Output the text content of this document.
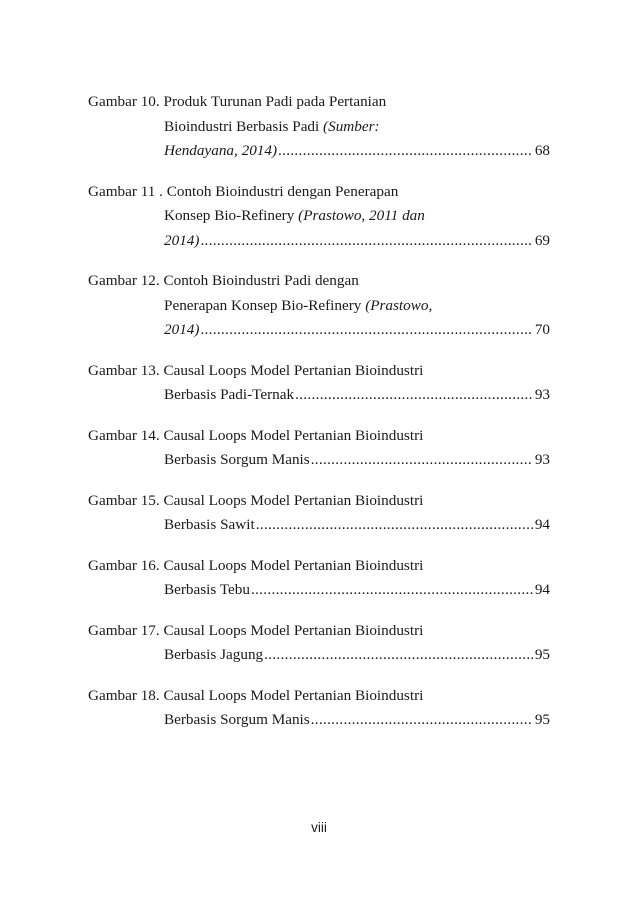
Gambar 10. Produk Turunan Padi pada Pertanian
Bioindustri Berbasis Padi (Sumber:
Hendayana, 2014) .....	68
Gambar 11 . Contoh Bioindustri dengan Penerapan
Konsep Bio-Refinery (Prastowo, 2011 dan
2014) .....	69
Gambar 12. Contoh Bioindustri Padi dengan
Penerapan Konsep Bio-Refinery (Prastowo,
2014) .....	70
Gambar 13. Causal Loops Model Pertanian Bioindustri
Berbasis Padi-Ternak .....	93
Gambar 14. Causal Loops Model Pertanian Bioindustri
Berbasis Sorgum Manis .....	93
Gambar 15. Causal Loops Model Pertanian Bioindustri
Berbasis Sawit .....	94
Gambar 16. Causal Loops Model Pertanian Bioindustri
Berbasis Tebu .....	94
Gambar 17. Causal Loops Model Pertanian Bioindustri
Berbasis Jagung .....	95
Gambar 18. Causal Loops Model Pertanian Bioindustri
Berbasis Sorgum Manis .....	95
viii
